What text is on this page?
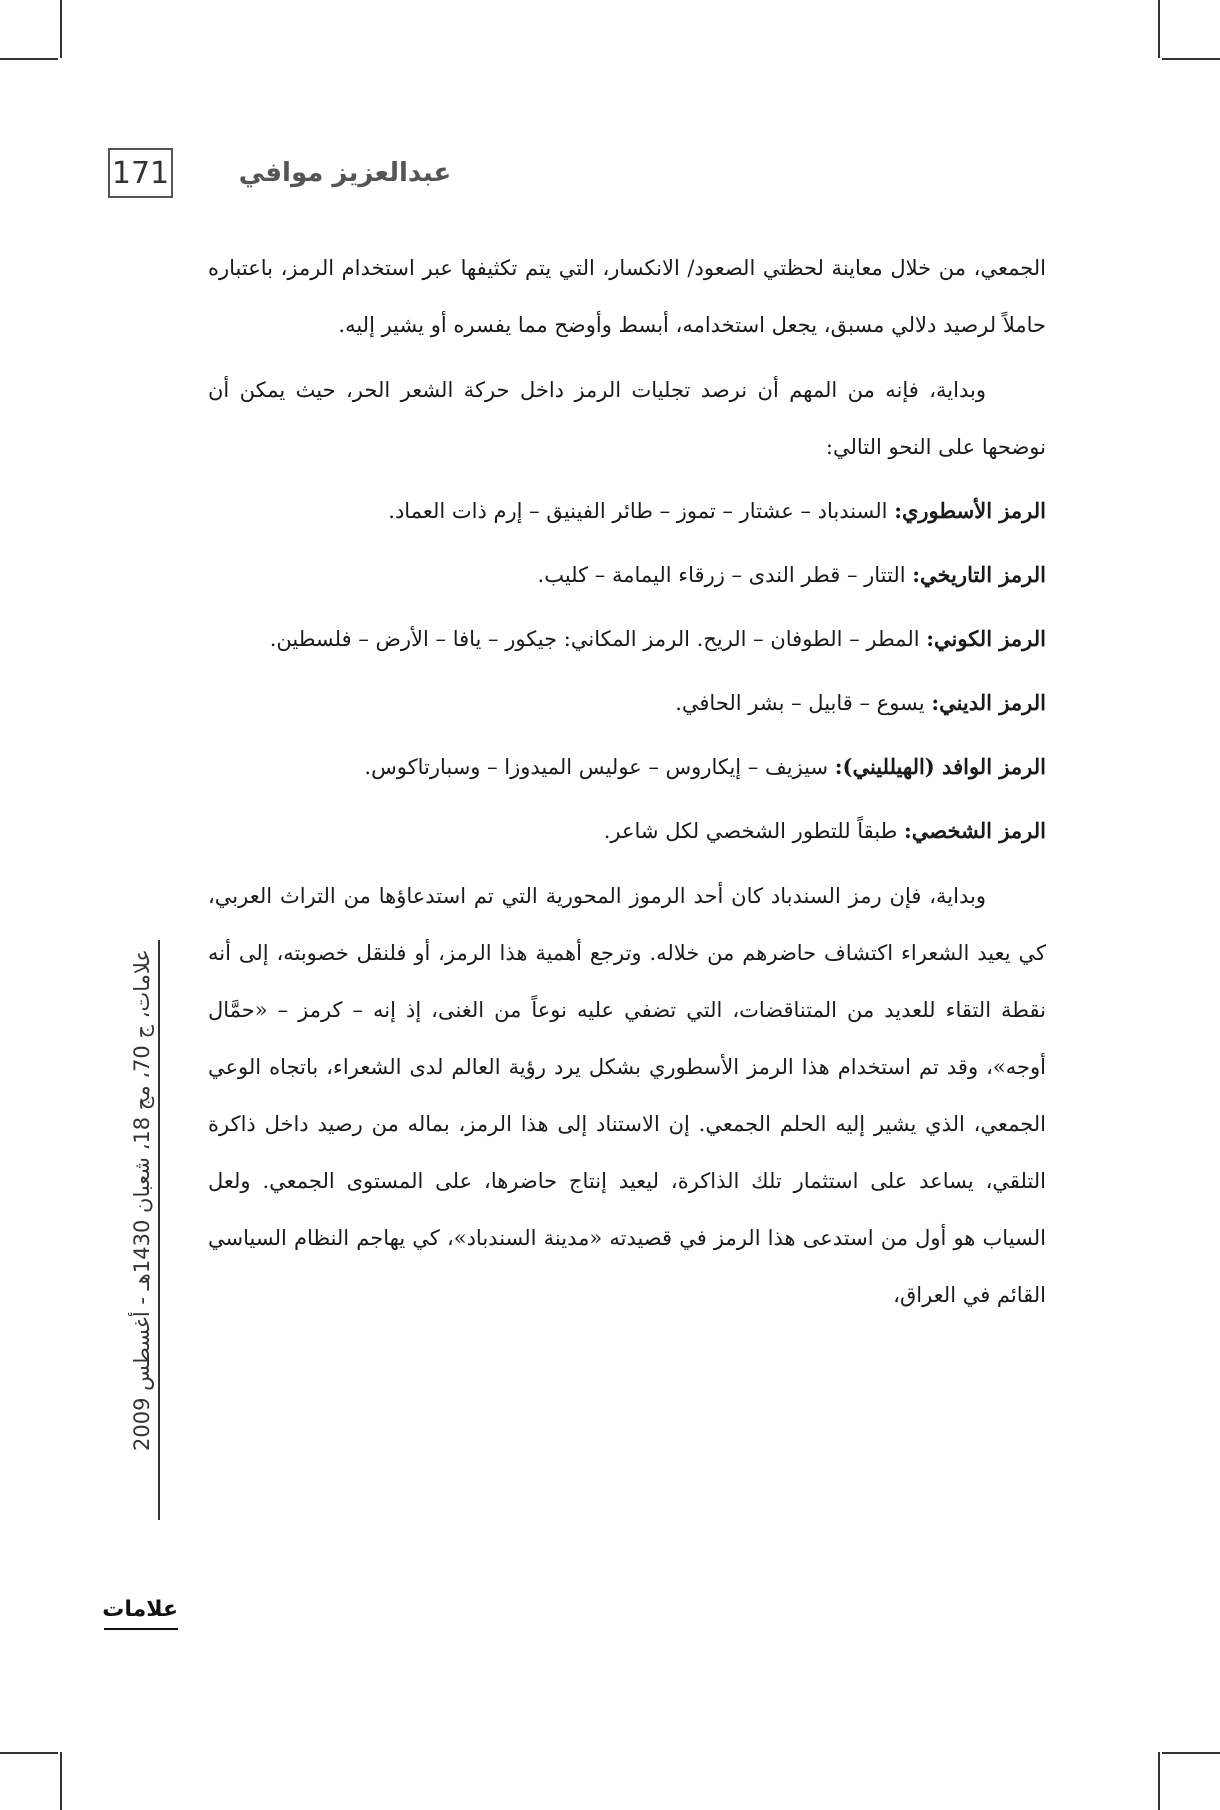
171	عبدالعزيز موافي

الجمعي، من خلال معاينة لحظتي الصعود/ الانكسار، التي يتم تكثيفها عبر استخدام الرمز، باعتباره حاملاً لرصيد دلالي مسبق، يجعل استخدامه، أبسط وأوضح مما يفسره أو يشير إليه.

وبداية، فإنه من المهم أن نرصد تجليات الرمز داخل حركة الشعر الحر، حيث يمكن أن نوضحها على النحو التالي:

الرمز الأسطوري: السندباد – عشتار – تموز – طائر الفينيق – إرم ذات العماد.

الرمز التاريخي: التتار – قطر الندى – زرقاء اليمامة – كليب.

الرمز الكوني: المطر – الطوفان – الريح. الرمز المكاني: جيكور – يافا – الأرض – فلسطين.

الرمز الديني: يسوع – قابيل – بشر الحافي.

الرمز الوافد (الهيلليني): سيزيف – إيكاروس – عوليس الميدوزا – وسبارتاكوس.

الرمز الشخصي: طبقاً للتطور الشخصي لكل شاعر.

وبداية، فإن رمز السندباد كان أحد الرموز المحورية التي تم استدعاؤها من التراث العربي، كي يعيد الشعراء اكتشاف حاضرهم من خلاله. وترجع أهمية هذا الرمز، أو فلنقل خصوبته، إلى أنه نقطة التقاء للعديد من المتناقضات، التي تضفي عليه نوعاً من الغنى، إذ إنه – كرمز – «حمَّال أوجه»، وقد تم استخدام هذا الرمز الأسطوري بشكل يرد رؤية العالم لدى الشعراء، باتجاه الوعي الجمعي، الذي يشير إليه الحلم الجمعي. إن الاستناد إلى هذا الرمز، بماله من رصيد داخل ذاكرة التلقي، يساعد على استثمار تلك الذاكرة، ليعيد إنتاج حاضرها، على المستوى الجمعي. ولعل السياب هو أول من استدعى هذا الرمز في قصيدته «مدينة السندباد»، كي يهاجم النظام السياسي القائم في العراق،

علامات، ج 70، مج 18، شعبان 1430هـ - أغسطس 2009
علامات
